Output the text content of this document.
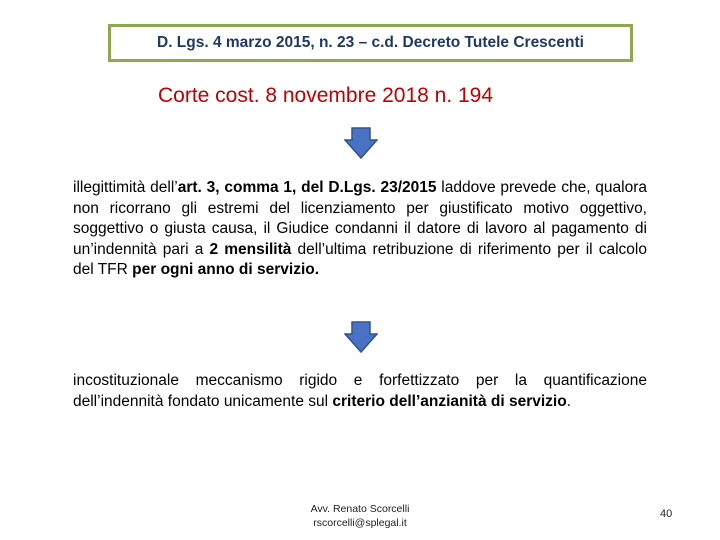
D. Lgs. 4 marzo 2015, n. 23 – c.d. Decreto Tutele Crescenti
Corte cost. 8 novembre 2018 n. 194
illegittimità dell’art. 3, comma 1, del D.Lgs. 23/2015 laddove prevede che, qualora non ricorrano gli estremi del licenziamento per giustificato motivo oggettivo, soggettivo o giusta causa, il Giudice condanni il datore di lavoro al pagamento di un’indennità pari a 2 mensilità dell’ultima retribuzione di riferimento per il calcolo del TFR per ogni anno di servizio.
incostituzionale meccanismo rigido e forfettizzato per la quantificazione dell’indennità fondato unicamente sul criterio dell’anzianità di servizio.
Avv. Renato Scorcelli
rscorcelli@splegal.it
40
